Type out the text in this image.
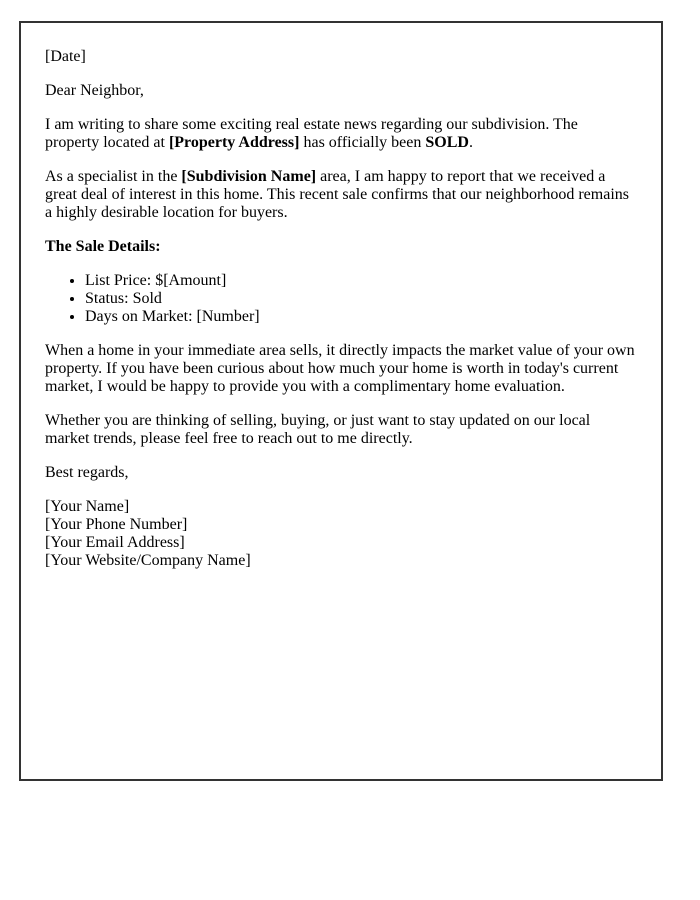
[Date]

Dear Neighbor,

I am writing to share some exciting real estate news regarding our subdivision. The property located at [Property Address] has officially been SOLD.

As a specialist in the [Subdivision Name] area, I am happy to report that we received a great deal of interest in this home. This recent sale confirms that our neighborhood remains a highly desirable location for buyers.

The Sale Details:

• List Price: $[Amount]
• Status: Sold
• Days on Market: [Number]

When a home in your immediate area sells, it directly impacts the market value of your own property. If you have been curious about how much your home is worth in today's current market, I would be happy to provide you with a complimentary home evaluation.

Whether you are thinking of selling, buying, or just want to stay updated on our local market trends, please feel free to reach out to me directly.

Best regards,

[Your Name]
[Your Phone Number]
[Your Email Address]
[Your Website/Company Name]
